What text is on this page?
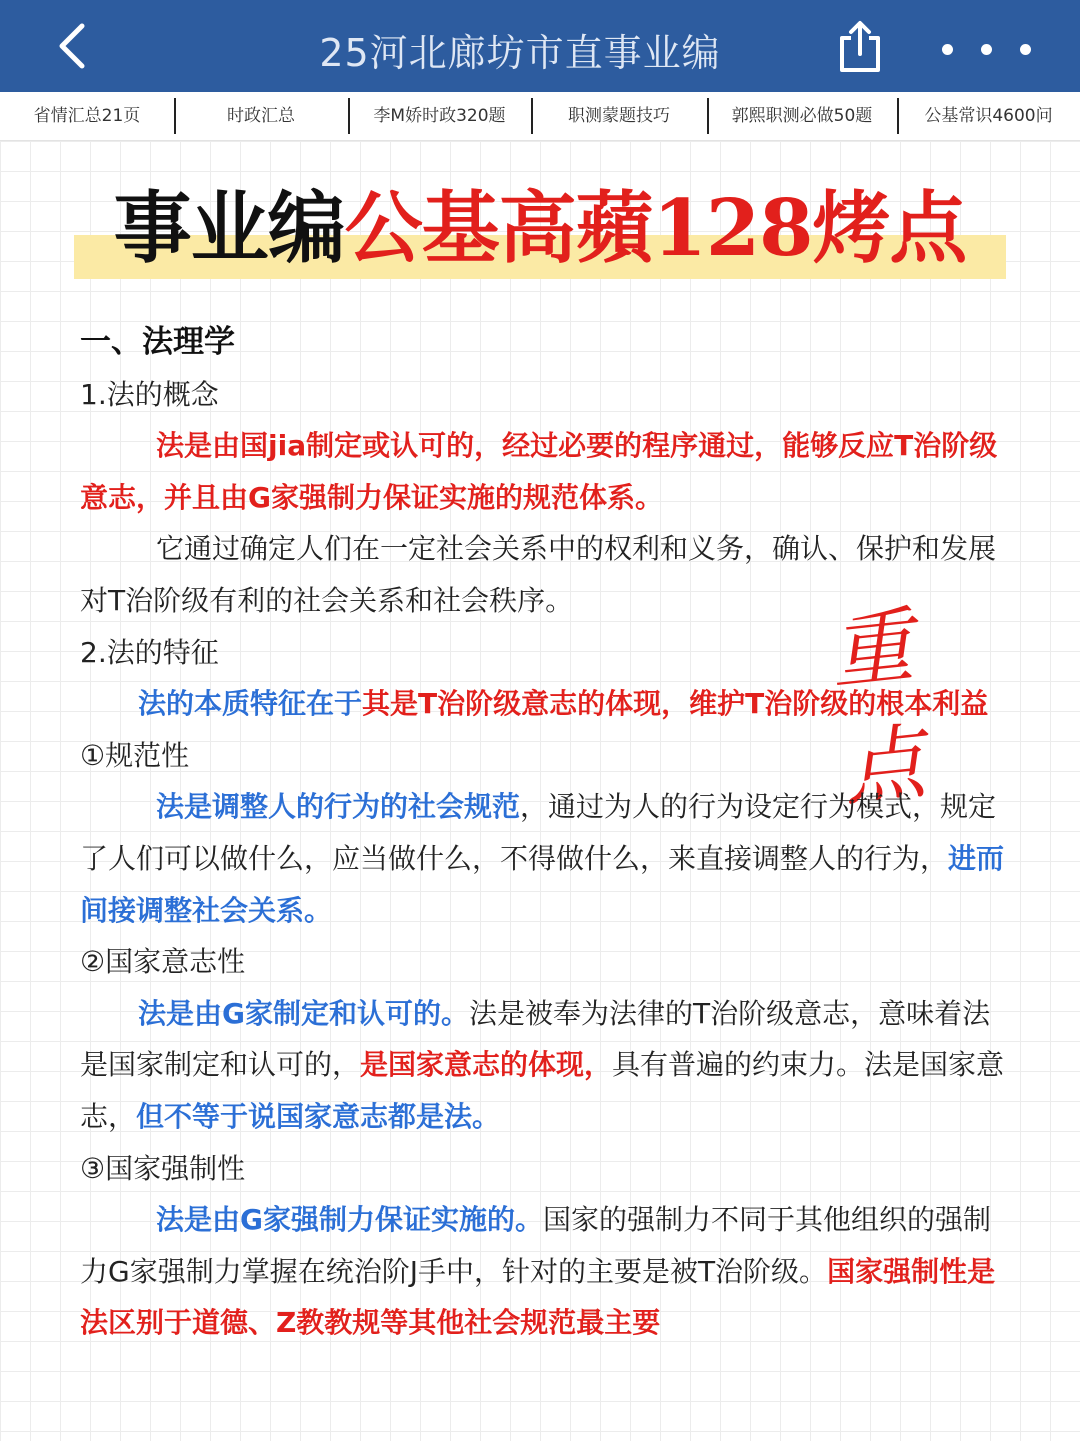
25河北廊坊市直事业编
省情汇总21页	时政汇总	李M娇时政320题	职测蒙题技巧	郭熙职测必做50题	公基常识4600问
事业编公基高蘋128烤点
重点

一、法理学

1.法的概念

法是由国jia制定或认可的，经过必要的程序通过，能够反应T治阶级意志，并且由G家强制力保证实施的规范体系。

它通过确定人们在一定社会关系中的权利和义务，确认、保护和发展对T治阶级有利的社会关系和社会秩序。

2.法的特征

法的本质特征在于其是T治阶级意志的体现，维护T治阶级的根本利益

①规范性

法是调整人的行为的社会规范，通过为人的行为设定行为模式，规定了人们可以做什么，应当做什么，不得做什么，来直接调整人的行为，进而间接调整社会关系。

②国家意志性

法是由G家制定和认可的。法是被奉为法律的T治阶级意志，意味着法是国家制定和认可的，是国家意志的体现，具有普遍的约束力。法是国家意志，但不等于说国家意志都是法。

③国家强制性

法是由G家强制力保证实施的。国家的强制力不同于其他组织的强制力G家强制力掌握在统治阶J手中，针对的主要是被T治阶级。国家强制性是法区别于道德、Z教教规等其他社会规范最主要
